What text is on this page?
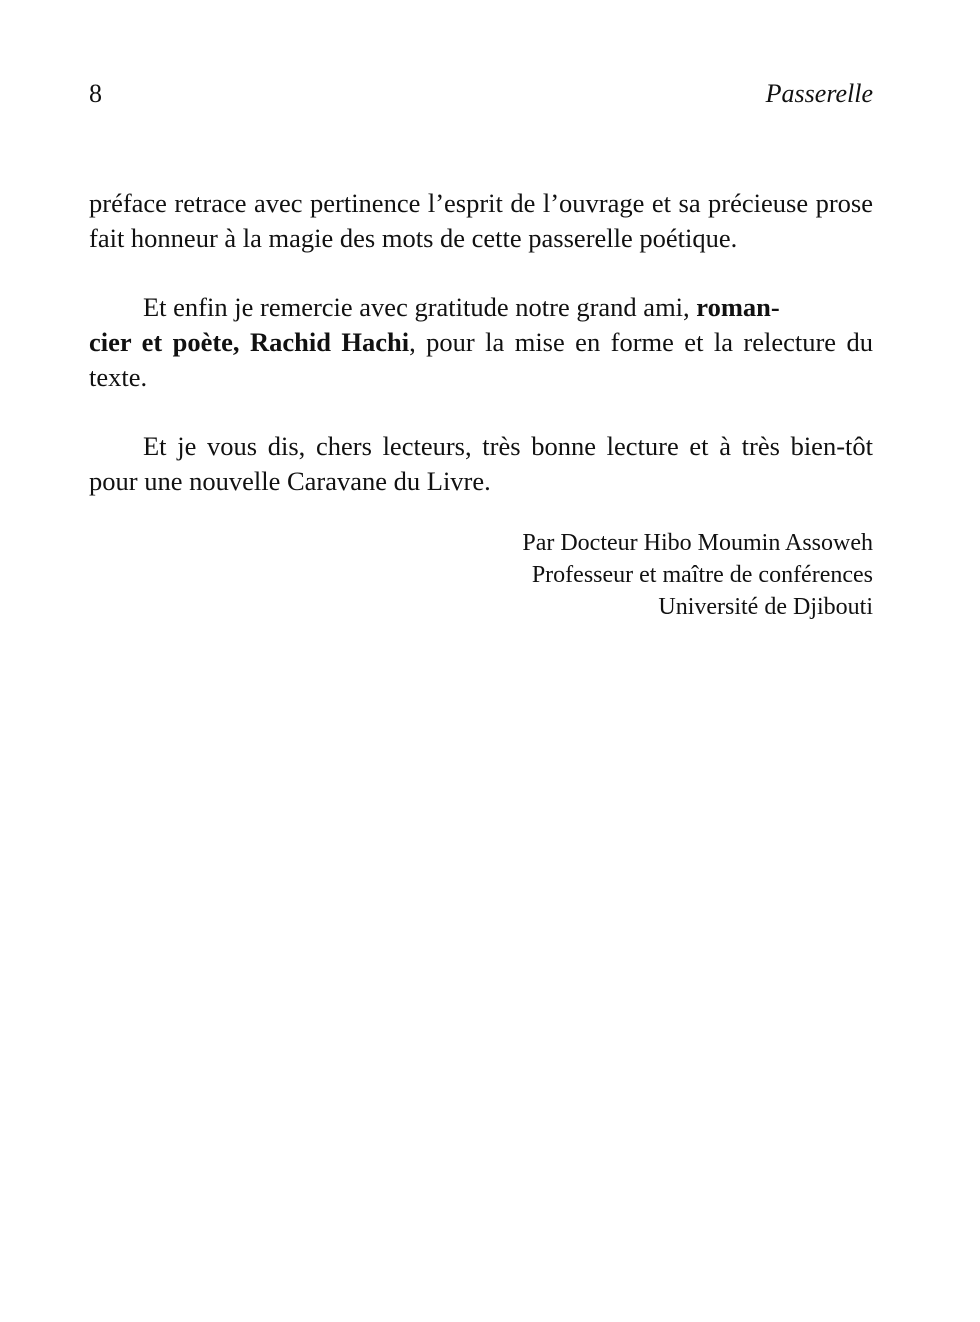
8	Passerelle

préface retrace avec pertinence l’esprit de l’ouvrage et sa précieuse prose fait honneur à la magie des mots de cette passerelle poétique.

Et enfin je remercie avec gratitude notre grand ami, roman-
cier et poète, Rachid Hachi, pour la mise en forme et la relecture du texte.

Et je vous dis, chers lecteurs, très bonne lecture et à très bien-tôt pour une nouvelle Caravane du Livre.

Par Docteur Hibo Moumin Assoweh
Professeur et maître de conférences
Université de Djibouti
